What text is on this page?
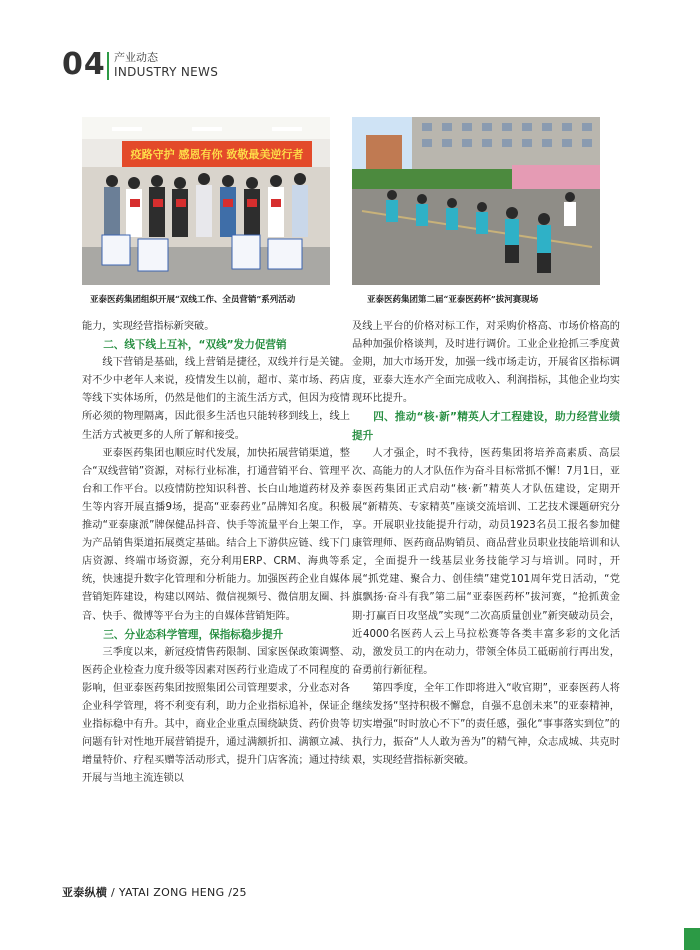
04 产业动态
INDUSTRY NEWS
疫路守护 感恩有你 致敬最美逆行者
亚泰医药集团组织开展“双线工作、全员营销”系列活动	亚泰医药集团第二届“亚泰医药杯”拔河赛现场

能力，实现经营指标新突破。

二、线下线上互补，“双线”发力促营销

线下营销是基础，线上营销是捷径，双线并行是关键。对不少中老年人来说，疫情发生以前，超市、菜市场、药店等线下实体场所，仍然是他们的主流生活方式，但因为疫情所必须的物理隔离，因此很多生活也只能转移到线上，线上生活方式被更多的人所了解和接受。

亚泰医药集团也顺应时代发展，加快拓展营销渠道，整合“双线营销”资源，对标行业标准，打通营销平台、管理平台和工作平台。以疫情防控知识科普、长白山地道药材及养生等内容开展直播9场，提高“亚泰药业”品牌知名度。积极推动“亚泰康派”牌保健品抖音、快手等流量平台上架工作，为产品销售渠道拓展奠定基础。结合上下游供应链、线下门店资源、终端市场资源，充分利用ERP、CRM、海典等系统，快速提升数字化管理和分析能力。加强医药企业自媒体营销矩阵建设，构建以网站、微信视频号、微信朋友圈、抖音、快手、微博等平台为主的自媒体营销矩阵。

三、分业态科学管理，保指标稳步提升

三季度以来，新冠疫情售药限制、国家医保政策调整、医药企业检查力度升级等因素对医药行业造成了不同程度的影响，但亚泰医药集团按照集团公司管理要求，分业态对各企业科学管理，将不利变有利，助力企业指标追补，保证企业指标稳中有升。其中，商业企业重点围绕缺货、药价贵等问题有针对性地开展营销提升，通过满额折扣、满额立减、增量特价、疗程买赠等活动形式，提升门店客流；通过持续开展与当地主流连锁以

及线上平台的价格对标工作，对采购价格高、市场价格高的品种加强价格谈判，及时进行调价。工业企业抢抓三季度黄金期，加大市场开发，加强一线市场走访，开展省区指标调度，亚泰大连水产全面完成收入、利润指标，其他企业均实现环比提升。

四、推动“核·新”精英人才工程建设，助力经营业绩提升

人才强企，时不我待，医药集团将培养高素质、高层次、高能力的人才队伍作为奋斗目标常抓不懈！7月1日，亚泰医药集团正式启动“核·新”精英人才队伍建设，定期开展“新精英、专家精英”座谈交流培训、工艺技术课题研究分享。开展职业技能提升行动，动员1923名员工报名参加健康管理师、医药商品购销员、商品营业员职业技能培训和认定，全面提升一线基层业务技能学习与培训。同时，开展“抓党建、聚合力、创佳绩”建党101周年党日活动，“党旗飘扬·奋斗有我”第二届“亚泰医药杯”拔河赛，“抢抓黄金期·打赢百日攻坚战”实现“二次高质量创业”新突破动员会，近4000名医药人云上马拉松赛等各类丰富多彩的文化活动，激发员工的内在动力，带领全体员工砥砺前行再出发，奋勇前行新征程。

第四季度，全年工作即将进入“收官期”，亚泰医药人将继续发扬“坚持积极不懈怠，自强不息创未来”的亚泰精神，切实增强“时时放心不下”的责任感，强化“事事落实到位”的执行力，振奋“人人敢为善为”的精气神，众志成城、共克时艰，实现经营指标新突破。

亚泰纵横 / YATAI ZONG HENG /25
